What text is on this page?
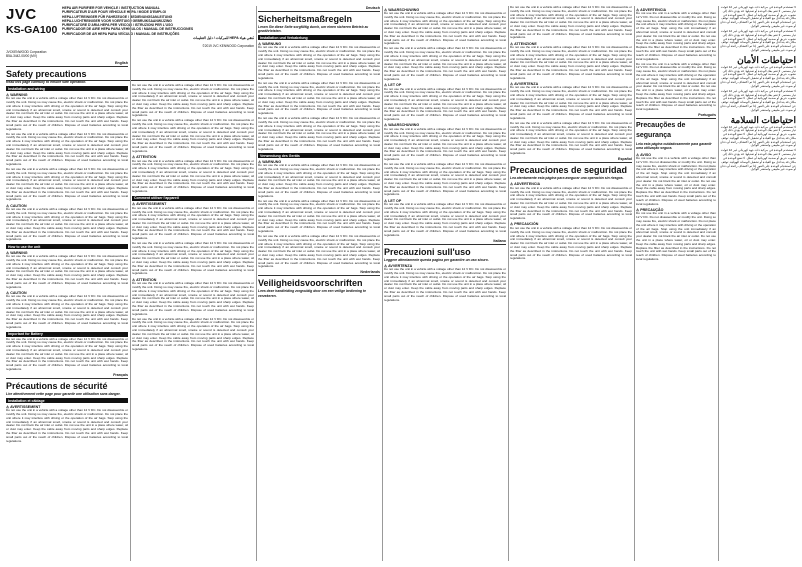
JVC
KS-GA100
JVCKENWOOD Corporation
B5A-3442-00/00 (MV)
English
Safety precautions
Read this page carefully to ensure safe operation.
Installation and wiring
⚠ WARNING
Do not use the unit in a vehicle with a voltage other than 12 V DC. Do not disassemble or modify the unit. Doing so may cause fire, electric shock or malfunction. Do not place the unit where it may interfere with driving or the operation of the air bags. Stop using the unit immediately if an abnormal smell, smoke or sound is detected and consult your dealer. Do not block the air inlet or outlet. Do not use the unit in a place where water, oil or dust may enter. Keep the cable away from moving parts and sharp edges. Replace the filter as described in the instructions. Do not touch the unit with wet hands. Keep small parts out of the reach of children. Dispose of used batteries according to local regulations.
Do not use the unit in a vehicle with a voltage other than 12 V DC. Do not disassemble or modify the unit. Doing so may cause fire, electric shock or malfunction. Do not place the unit where it may interfere with driving or the operation of the air bags. Stop using the unit immediately if an abnormal smell, smoke or sound is detected and consult your dealer. Do not block the air inlet or outlet. Do not use the unit in a place where water, oil or dust may enter. Keep the cable away from moving parts and sharp edges. Replace the filter as described in the instructions. Do not touch the unit with wet hands. Keep small parts out of the reach of children. Dispose of used batteries according to local regulations.
Do not use the unit in a vehicle with a voltage other than 12 V DC. Do not disassemble or modify the unit. Doing so may cause fire, electric shock or malfunction. Do not place the unit where it may interfere with driving or the operation of the air bags. Stop using the unit immediately if an abnormal smell, smoke or sound is detected and consult your dealer. Do not block the air inlet or outlet. Do not use the unit in a place where water, oil or dust may enter. Keep the cable away from moving parts and sharp edges. Replace the filter as described in the instructions. Do not touch the unit with wet hands. Keep small parts out of the reach of children. Dispose of used batteries according to local regulations.
⚠ CAUTION
Do not use the unit in a vehicle with a voltage other than 12 V DC. Do not disassemble or modify the unit. Doing so may cause fire, electric shock or malfunction. Do not place the unit where it may interfere with driving or the operation of the air bags. Stop using the unit immediately if an abnormal smell, smoke or sound is detected and consult your dealer. Do not block the air inlet or outlet. Do not use the unit in a place where water, oil or dust may enter. Keep the cable away from moving parts and sharp edges. Replace the filter as described in the instructions. Do not touch the unit with wet hands. Keep small parts out of the reach of children. Dispose of used batteries according to local regulations.
How to use the unit
⚠ WARNING
Do not use the unit in a vehicle with a voltage other than 12 V DC. Do not disassemble or modify the unit. Doing so may cause fire, electric shock or malfunction. Do not place the unit where it may interfere with driving or the operation of the air bags. Stop using the unit immediately if an abnormal smell, smoke or sound is detected and consult your dealer. Do not block the air inlet or outlet. Do not use the unit in a place where water, oil or dust may enter. Keep the cable away from moving parts and sharp edges. Replace the filter as described in the instructions. Do not touch the unit with wet hands. Keep small parts out of the reach of children. Dispose of used batteries according to local regulations.
⚠ CAUTION
Do not use the unit in a vehicle with a voltage other than 12 V DC. Do not disassemble or modify the unit. Doing so may cause fire, electric shock or malfunction. Do not place the unit where it may interfere with driving or the operation of the air bags. Stop using the unit immediately if an abnormal smell, smoke or sound is detected and consult your dealer. Do not block the air inlet or outlet. Do not use the unit in a place where water, oil or dust may enter. Keep the cable away from moving parts and sharp edges. Replace the filter as described in the instructions. Do not touch the unit with wet hands. Keep small parts out of the reach of children. Dispose of used batteries according to local regulations.
Important for Battery
Do not use the unit in a vehicle with a voltage other than 12 V DC. Do not disassemble or modify the unit. Doing so may cause fire, electric shock or malfunction. Do not place the unit where it may interfere with driving or the operation of the air bags. Stop using the unit immediately if an abnormal smell, smoke or sound is detected and consult your dealer. Do not block the air inlet or outlet. Do not use the unit in a place where water, oil or dust may enter. Keep the cable away from moving parts and sharp edges. Replace the filter as described in the instructions. Do not touch the unit with wet hands. Keep small parts out of the reach of children. Dispose of used batteries according to local regulations.
Français
Précautions de sécurité
Lire attentivement cette page pour garantir une utilisation sans danger.
Installation et câblage
⚠ AVERTISSEMENT
Do not use the unit in a vehicle with a voltage other than 12 V DC. Do not disassemble or modify the unit. Doing so may cause fire, electric shock or malfunction. Do not place the unit where it may interfere with driving or the operation of the air bags. Stop using the unit immediately if an abnormal smell, smoke or sound is detected and consult your dealer. Do not block the air inlet or outlet. Do not use the unit in a place where water, oil or dust may enter. Keep the cable away from moving parts and sharp edges. Replace the filter as described in the instructions. Do not touch the unit with wet hands. Keep small parts out of the reach of children. Dispose of used batteries according to local regulations.
HEPA AIR PURIFIER FOR VEHICLE / INSTRUCTION MANUAL
PURIFICATEUR D'AIR POUR VÉHICULE HEPA / MODE D'EMPLOI
HEPA-LUFTREINIGER FÜR FAHRZEUGE / BEDIENUNGSANLEITUNG
HEPA-LUCHTREINIGER VOOR VOERTUIG / GEBRUIKSAANWIJZING
PURIFICATORE D'ARIA HEPA PER VEICOLI / ISTRUZIONI PER L'USO
PURIFICADOR DE AIRE HEPA PARA VEHÍCULOS / MANUAL DE INSTRUCCIONES
PURIFICADOR DE AR HEPA PARA VEÍCULO / MANUAL DE INSTRUÇÕES
مُنقي هواء HEPA للمركبات / دليل التعليمات
©2019 JVC KENWOOD Corporation
Do not use the unit in a vehicle with a voltage other than 12 V DC. Do not disassemble or modify the unit. Doing so may cause fire, electric shock or malfunction. Do not place the unit where it may interfere with driving or the operation of the air bags. Stop using the unit immediately if an abnormal smell, smoke or sound is detected and consult your dealer. Do not block the air inlet or outlet. Do not use the unit in a place where water, oil or dust may enter. Keep the cable away from moving parts and sharp edges. Replace the filter as described in the instructions. Do not touch the unit with wet hands. Keep small parts out of the reach of children. Dispose of used batteries according to local regulations.
Do not use the unit in a vehicle with a voltage other than 12 V DC. Do not disassemble or modify the unit. Doing so may cause fire, electric shock or malfunction. Do not place the unit where it may interfere with driving or the operation of the air bags. Stop using the unit immediately if an abnormal smell, smoke or sound is detected and consult your dealer. Do not block the air inlet or outlet. Do not use the unit in a place where water, oil or dust may enter. Keep the cable away from moving parts and sharp edges. Replace the filter as described in the instructions. Do not touch the unit with wet hands. Keep small parts out of the reach of children. Dispose of used batteries according to local regulations.
⚠ ATTENTION
Do not use the unit in a vehicle with a voltage other than 12 V DC. Do not disassemble or modify the unit. Doing so may cause fire, electric shock or malfunction. Do not place the unit where it may interfere with driving or the operation of the air bags. Stop using the unit immediately if an abnormal smell, smoke or sound is detected and consult your dealer. Do not block the air inlet or outlet. Do not use the unit in a place where water, oil or dust may enter. Keep the cable away from moving parts and sharp edges. Replace the filter as described in the instructions. Do not touch the unit with wet hands. Keep small parts out of the reach of children. Dispose of used batteries according to local regulations.
Comment utiliser l'appareil
⚠ AVERTISSEMENT
Do not use the unit in a vehicle with a voltage other than 12 V DC. Do not disassemble or modify the unit. Doing so may cause fire, electric shock or malfunction. Do not place the unit where it may interfere with driving or the operation of the air bags. Stop using the unit immediately if an abnormal smell, smoke or sound is detected and consult your dealer. Do not block the air inlet or outlet. Do not use the unit in a place where water, oil or dust may enter. Keep the cable away from moving parts and sharp edges. Replace the filter as described in the instructions. Do not touch the unit with wet hands. Keep small parts out of the reach of children. Dispose of used batteries according to local regulations.
Do not use the unit in a vehicle with a voltage other than 12 V DC. Do not disassemble or modify the unit. Doing so may cause fire, electric shock or malfunction. Do not place the unit where it may interfere with driving or the operation of the air bags. Stop using the unit immediately if an abnormal smell, smoke or sound is detected and consult your dealer. Do not block the air inlet or outlet. Do not use the unit in a place where water, oil or dust may enter. Keep the cable away from moving parts and sharp edges. Replace the filter as described in the instructions. Do not touch the unit with wet hands. Keep small parts out of the reach of children. Dispose of used batteries according to local regulations.
⚠ ATTENTION
Do not use the unit in a vehicle with a voltage other than 12 V DC. Do not disassemble or modify the unit. Doing so may cause fire, electric shock or malfunction. Do not place the unit where it may interfere with driving or the operation of the air bags. Stop using the unit immediately if an abnormal smell, smoke or sound is detected and consult your dealer. Do not block the air inlet or outlet. Do not use the unit in a place where water, oil or dust may enter. Keep the cable away from moving parts and sharp edges. Replace the filter as described in the instructions. Do not touch the unit with wet hands. Keep small parts out of the reach of children. Dispose of used batteries according to local regulations.
Do not use the unit in a vehicle with a voltage other than 12 V DC. Do not disassemble or modify the unit. Doing so may cause fire, electric shock or malfunction. Do not place the unit where it may interfere with driving or the operation of the air bags. Stop using the unit immediately if an abnormal smell, smoke or sound is detected and consult your dealer. Do not block the air inlet or outlet. Do not use the unit in a place where water, oil or dust may enter. Keep the cable away from moving parts and sharp edges. Replace the filter as described in the instructions. Do not touch the unit with wet hands. Keep small parts out of the reach of children. Dispose of used batteries according to local regulations.
Deutsch
Sicherheitsmaßregeln
Lesen Sie diese Seite sorgfältig durch, um einen sicheren Betrieb zu gewährleisten.
Installation und Verkabelung
⚠ WARNUNG
Do not use the unit in a vehicle with a voltage other than 12 V DC. Do not disassemble or modify the unit. Doing so may cause fire, electric shock or malfunction. Do not place the unit where it may interfere with driving or the operation of the air bags. Stop using the unit immediately if an abnormal smell, smoke or sound is detected and consult your dealer. Do not block the air inlet or outlet. Do not use the unit in a place where water, oil or dust may enter. Keep the cable away from moving parts and sharp edges. Replace the filter as described in the instructions. Do not touch the unit with wet hands. Keep small parts out of the reach of children. Dispose of used batteries according to local regulations.
Do not use the unit in a vehicle with a voltage other than 12 V DC. Do not disassemble or modify the unit. Doing so may cause fire, electric shock or malfunction. Do not place the unit where it may interfere with driving or the operation of the air bags. Stop using the unit immediately if an abnormal smell, smoke or sound is detected and consult your dealer. Do not block the air inlet or outlet. Do not use the unit in a place where water, oil or dust may enter. Keep the cable away from moving parts and sharp edges. Replace the filter as described in the instructions. Do not touch the unit with wet hands. Keep small parts out of the reach of children. Dispose of used batteries according to local regulations.
Do not use the unit in a vehicle with a voltage other than 12 V DC. Do not disassemble or modify the unit. Doing so may cause fire, electric shock or malfunction. Do not place the unit where it may interfere with driving or the operation of the air bags. Stop using the unit immediately if an abnormal smell, smoke or sound is detected and consult your dealer. Do not block the air inlet or outlet. Do not use the unit in a place where water, oil or dust may enter. Keep the cable away from moving parts and sharp edges. Replace the filter as described in the instructions. Do not touch the unit with wet hands. Keep small parts out of the reach of children. Dispose of used batteries according to local regulations.
Verwendung des Geräts
⚠ WARNUNG
Do not use the unit in a vehicle with a voltage other than 12 V DC. Do not disassemble or modify the unit. Doing so may cause fire, electric shock or malfunction. Do not place the unit where it may interfere with driving or the operation of the air bags. Stop using the unit immediately if an abnormal smell, smoke or sound is detected and consult your dealer. Do not block the air inlet or outlet. Do not use the unit in a place where water, oil or dust may enter. Keep the cable away from moving parts and sharp edges. Replace the filter as described in the instructions. Do not touch the unit with wet hands. Keep small parts out of the reach of children. Dispose of used batteries according to local regulations.
Do not use the unit in a vehicle with a voltage other than 12 V DC. Do not disassemble or modify the unit. Doing so may cause fire, electric shock or malfunction. Do not place the unit where it may interfere with driving or the operation of the air bags. Stop using the unit immediately if an abnormal smell, smoke or sound is detected and consult your dealer. Do not block the air inlet or outlet. Do not use the unit in a place where water, oil or dust may enter. Keep the cable away from moving parts and sharp edges. Replace the filter as described in the instructions. Do not touch the unit with wet hands. Keep small parts out of the reach of children. Dispose of used batteries according to local regulations.
Do not use the unit in a vehicle with a voltage other than 12 V DC. Do not disassemble or modify the unit. Doing so may cause fire, electric shock or malfunction. Do not place the unit where it may interfere with driving or the operation of the air bags. Stop using the unit immediately if an abnormal smell, smoke or sound is detected and consult your dealer. Do not block the air inlet or outlet. Do not use the unit in a place where water, oil or dust may enter. Keep the cable away from moving parts and sharp edges. Replace the filter as described in the instructions. Do not touch the unit with wet hands. Keep small parts out of the reach of children. Dispose of used batteries according to local regulations.
Nederlands
Veiligheidsvoorschriften
Lees deze handleiding zorgvuldig door om een veilige bediening te verzekeren.
⚠ WAARSCHUWING
Do not use the unit in a vehicle with a voltage other than 12 V DC. Do not disassemble or modify the unit. Doing so may cause fire, electric shock or malfunction. Do not place the unit where it may interfere with driving or the operation of the air bags. Stop using the unit immediately if an abnormal smell, smoke or sound is detected and consult your dealer. Do not block the air inlet or outlet. Do not use the unit in a place where water, oil or dust may enter. Keep the cable away from moving parts and sharp edges. Replace the filter as described in the instructions. Do not touch the unit with wet hands. Keep small parts out of the reach of children. Dispose of used batteries according to local regulations.
Do not use the unit in a vehicle with a voltage other than 12 V DC. Do not disassemble or modify the unit. Doing so may cause fire, electric shock or malfunction. Do not place the unit where it may interfere with driving or the operation of the air bags. Stop using the unit immediately if an abnormal smell, smoke or sound is detected and consult your dealer. Do not block the air inlet or outlet. Do not use the unit in a place where water, oil or dust may enter. Keep the cable away from moving parts and sharp edges. Replace the filter as described in the instructions. Do not touch the unit with wet hands. Keep small parts out of the reach of children. Dispose of used batteries according to local regulations.
⚠ LET OP
Do not use the unit in a vehicle with a voltage other than 12 V DC. Do not disassemble or modify the unit. Doing so may cause fire, electric shock or malfunction. Do not place the unit where it may interfere with driving or the operation of the air bags. Stop using the unit immediately if an abnormal smell, smoke or sound is detected and consult your dealer. Do not block the air inlet or outlet. Do not use the unit in a place where water, oil or dust may enter. Keep the cable away from moving parts and sharp edges. Replace the filter as described in the instructions. Do not touch the unit with wet hands. Keep small parts out of the reach of children. Dispose of used batteries according to local regulations.
⚠ WAARSCHUWING
Do not use the unit in a vehicle with a voltage other than 12 V DC. Do not disassemble or modify the unit. Doing so may cause fire, electric shock or malfunction. Do not place the unit where it may interfere with driving or the operation of the air bags. Stop using the unit immediately if an abnormal smell, smoke or sound is detected and consult your dealer. Do not block the air inlet or outlet. Do not use the unit in a place where water, oil or dust may enter. Keep the cable away from moving parts and sharp edges. Replace the filter as described in the instructions. Do not touch the unit with wet hands. Keep small parts out of the reach of children. Dispose of used batteries according to local regulations.
Do not use the unit in a vehicle with a voltage other than 12 V DC. Do not disassemble or modify the unit. Doing so may cause fire, electric shock or malfunction. Do not place the unit where it may interfere with driving or the operation of the air bags. Stop using the unit immediately if an abnormal smell, smoke or sound is detected and consult your dealer. Do not block the air inlet or outlet. Do not use the unit in a place where water, oil or dust may enter. Keep the cable away from moving parts and sharp edges. Replace the filter as described in the instructions. Do not touch the unit with wet hands. Keep small parts out of the reach of children. Dispose of used batteries according to local regulations.
⚠ LET OP
Do not use the unit in a vehicle with a voltage other than 12 V DC. Do not disassemble or modify the unit. Doing so may cause fire, electric shock or malfunction. Do not place the unit where it may interfere with driving or the operation of the air bags. Stop using the unit immediately if an abnormal smell, smoke or sound is detected and consult your dealer. Do not block the air inlet or outlet. Do not use the unit in a place where water, oil or dust may enter. Keep the cable away from moving parts and sharp edges. Replace the filter as described in the instructions. Do not touch the unit with wet hands. Keep small parts out of the reach of children. Dispose of used batteries according to local regulations.
Italiano
Precauzioni sull'uso
Leggere attentamente questa pagina per garantire un uso sicuro.
⚠ AVVERTENZA
Do not use the unit in a vehicle with a voltage other than 12 V DC. Do not disassemble or modify the unit. Doing so may cause fire, electric shock or malfunction. Do not place the unit where it may interfere with driving or the operation of the air bags. Stop using the unit immediately if an abnormal smell, smoke or sound is detected and consult your dealer. Do not block the air inlet or outlet. Do not use the unit in a place where water, oil or dust may enter. Keep the cable away from moving parts and sharp edges. Replace the filter as described in the instructions. Do not touch the unit with wet hands. Keep small parts out of the reach of children. Dispose of used batteries according to local regulations.
Do not use the unit in a vehicle with a voltage other than 12 V DC. Do not disassemble or modify the unit. Doing so may cause fire, electric shock or malfunction. Do not place the unit where it may interfere with driving or the operation of the air bags. Stop using the unit immediately if an abnormal smell, smoke or sound is detected and consult your dealer. Do not block the air inlet or outlet. Do not use the unit in a place where water, oil or dust may enter. Keep the cable away from moving parts and sharp edges. Replace the filter as described in the instructions. Do not touch the unit with wet hands. Keep small parts out of the reach of children. Dispose of used batteries according to local regulations.
⚠ ATTENZIONE
Do not use the unit in a vehicle with a voltage other than 12 V DC. Do not disassemble or modify the unit. Doing so may cause fire, electric shock or malfunction. Do not place the unit where it may interfere with driving or the operation of the air bags. Stop using the unit immediately if an abnormal smell, smoke or sound is detected and consult your dealer. Do not block the air inlet or outlet. Do not use the unit in a place where water, oil or dust may enter. Keep the cable away from moving parts and sharp edges. Replace the filter as described in the instructions. Do not touch the unit with wet hands. Keep small parts out of the reach of children. Dispose of used batteries according to local regulations.
⚠ AVVERTENZA
Do not use the unit in a vehicle with a voltage other than 12 V DC. Do not disassemble or modify the unit. Doing so may cause fire, electric shock or malfunction. Do not place the unit where it may interfere with driving or the operation of the air bags. Stop using the unit immediately if an abnormal smell, smoke or sound is detected and consult your dealer. Do not block the air inlet or outlet. Do not use the unit in a place where water, oil or dust may enter. Keep the cable away from moving parts and sharp edges. Replace the filter as described in the instructions. Do not touch the unit with wet hands. Keep small parts out of the reach of children. Dispose of used batteries according to local regulations.
Do not use the unit in a vehicle with a voltage other than 12 V DC. Do not disassemble or modify the unit. Doing so may cause fire, electric shock or malfunction. Do not place the unit where it may interfere with driving or the operation of the air bags. Stop using the unit immediately if an abnormal smell, smoke or sound is detected and consult your dealer. Do not block the air inlet or outlet. Do not use the unit in a place where water, oil or dust may enter. Keep the cable away from moving parts and sharp edges. Replace the filter as described in the instructions. Do not touch the unit with wet hands. Keep small parts out of the reach of children. Dispose of used batteries according to local regulations.
Español
Precauciones de seguridad
Lea atentamente esta página para asegurar una operación sin riesgos.
⚠ ADVERTENCIA
Do not use the unit in a vehicle with a voltage other than 12 V DC. Do not disassemble or modify the unit. Doing so may cause fire, electric shock or malfunction. Do not place the unit where it may interfere with driving or the operation of the air bags. Stop using the unit immediately if an abnormal smell, smoke or sound is detected and consult your dealer. Do not block the air inlet or outlet. Do not use the unit in a place where water, oil or dust may enter. Keep the cable away from moving parts and sharp edges. Replace the filter as described in the instructions. Do not touch the unit with wet hands. Keep small parts out of the reach of children. Dispose of used batteries according to local regulations.
⚠ PRECAUCIÓN
Do not use the unit in a vehicle with a voltage other than 12 V DC. Do not disassemble or modify the unit. Doing so may cause fire, electric shock or malfunction. Do not place the unit where it may interfere with driving or the operation of the air bags. Stop using the unit immediately if an abnormal smell, smoke or sound is detected and consult your dealer. Do not block the air inlet or outlet. Do not use the unit in a place where water, oil or dust may enter. Keep the cable away from moving parts and sharp edges. Replace the filter as described in the instructions. Do not touch the unit with wet hands. Keep small parts out of the reach of children. Dispose of used batteries according to local regulations.
⚠ ADVERTENCIA
Do not use the unit in a vehicle with a voltage other than 12 V DC. Do not disassemble or modify the unit. Doing so may cause fire, electric shock or malfunction. Do not place the unit where it may interfere with driving or the operation of the air bags. Stop using the unit immediately if an abnormal smell, smoke or sound is detected and consult your dealer. Do not block the air inlet or outlet. Do not use the unit in a place where water, oil or dust may enter. Keep the cable away from moving parts and sharp edges. Replace the filter as described in the instructions. Do not touch the unit with wet hands. Keep small parts out of the reach of children. Dispose of used batteries according to local regulations.
Do not use the unit in a vehicle with a voltage other than 12 V DC. Do not disassemble or modify the unit. Doing so may cause fire, electric shock or malfunction. Do not place the unit where it may interfere with driving or the operation of the air bags. Stop using the unit immediately if an abnormal smell, smoke or sound is detected and consult your dealer. Do not block the air inlet or outlet. Do not use the unit in a place where water, oil or dust may enter. Keep the cable away from moving parts and sharp edges. Replace the filter as described in the instructions. Do not touch the unit with wet hands. Keep small parts out of the reach of children. Dispose of used batteries according to local regulations.
Português
Precauções de segurança
Leia esta página cuidadosamente para garantir uma utilização segura.
⚠ AVISO
Do not use the unit in a vehicle with a voltage other than 12 V DC. Do not disassemble or modify the unit. Doing so may cause fire, electric shock or malfunction. Do not place the unit where it may interfere with driving or the operation of the air bags. Stop using the unit immediately if an abnormal smell, smoke or sound is detected and consult your dealer. Do not block the air inlet or outlet. Do not use the unit in a place where water, oil or dust may enter. Keep the cable away from moving parts and sharp edges. Replace the filter as described in the instructions. Do not touch the unit with wet hands. Keep small parts out of the reach of children. Dispose of used batteries according to local regulations.
⚠ PRECAUÇÃO
Do not use the unit in a vehicle with a voltage other than 12 V DC. Do not disassemble or modify the unit. Doing so may cause fire, electric shock or malfunction. Do not place the unit where it may interfere with driving or the operation of the air bags. Stop using the unit immediately if an abnormal smell, smoke or sound is detected and consult your dealer. Do not block the air inlet or outlet. Do not use the unit in a place where water, oil or dust may enter. Keep the cable away from moving parts and sharp edges. Replace the filter as described in the instructions. Do not touch the unit with wet hands. Keep small parts out of the reach of children. Dispose of used batteries according to local regulations.
لا تستخدم الوحدة في مركبة ذات جهد كهربائي غير 12 فولت تيار مستمر. لا تقم بفك الوحدة أو تعديلها. قد يؤدي ذلك إلى نشوب حريق أو صدمة كهربائية أو عطل. لا تضع الوحدة في مكان قد يتداخل مع القيادة أو تشغيل الوسائد الهوائية. توقف عن استخدام الوحدة على الفور إذا تم اكتشاف رائحة أو دخان أو صوت غير طبيعي واستشر الوكيل.
لا تستخدم الوحدة في مركبة ذات جهد كهربائي غير 12 فولت تيار مستمر. لا تقم بفك الوحدة أو تعديلها. قد يؤدي ذلك إلى نشوب حريق أو صدمة كهربائية أو عطل. لا تضع الوحدة في مكان قد يتداخل مع القيادة أو تشغيل الوسائد الهوائية. توقف عن استخدام الوحدة على الفور إذا تم اكتشاف رائحة أو دخان أو صوت غير طبيعي واستشر الوكيل.
احتياطات الأمان
لا تستخدم الوحدة في مركبة ذات جهد كهربائي غير 12 فولت تيار مستمر. لا تقم بفك الوحدة أو تعديلها. قد يؤدي ذلك إلى نشوب حريق أو صدمة كهربائية أو عطل. لا تضع الوحدة في مكان قد يتداخل مع القيادة أو تشغيل الوسائد الهوائية. توقف عن استخدام الوحدة على الفور إذا تم اكتشاف رائحة أو دخان أو صوت غير طبيعي واستشر الوكيل.
لا تستخدم الوحدة في مركبة ذات جهد كهربائي غير 12 فولت تيار مستمر. لا تقم بفك الوحدة أو تعديلها. قد يؤدي ذلك إلى نشوب حريق أو صدمة كهربائية أو عطل. لا تضع الوحدة في مكان قد يتداخل مع القيادة أو تشغيل الوسائد الهوائية. توقف عن استخدام الوحدة على الفور إذا تم اكتشاف رائحة أو دخان أو صوت غير طبيعي واستشر الوكيل.
احتياطات السلامة
لا تستخدم الوحدة في مركبة ذات جهد كهربائي غير 12 فولت تيار مستمر. لا تقم بفك الوحدة أو تعديلها. قد يؤدي ذلك إلى نشوب حريق أو صدمة كهربائية أو عطل. لا تضع الوحدة في مكان قد يتداخل مع القيادة أو تشغيل الوسائد الهوائية. توقف عن استخدام الوحدة على الفور إذا تم اكتشاف رائحة أو دخان أو صوت غير طبيعي واستشر الوكيل.
لا تستخدم الوحدة في مركبة ذات جهد كهربائي غير 12 فولت تيار مستمر. لا تقم بفك الوحدة أو تعديلها. قد يؤدي ذلك إلى نشوب حريق أو صدمة كهربائية أو عطل. لا تضع الوحدة في مكان قد يتداخل مع القيادة أو تشغيل الوسائد الهوائية. توقف عن استخدام الوحدة على الفور إذا تم اكتشاف رائحة أو دخان أو صوت غير طبيعي واستشر الوكيل.
